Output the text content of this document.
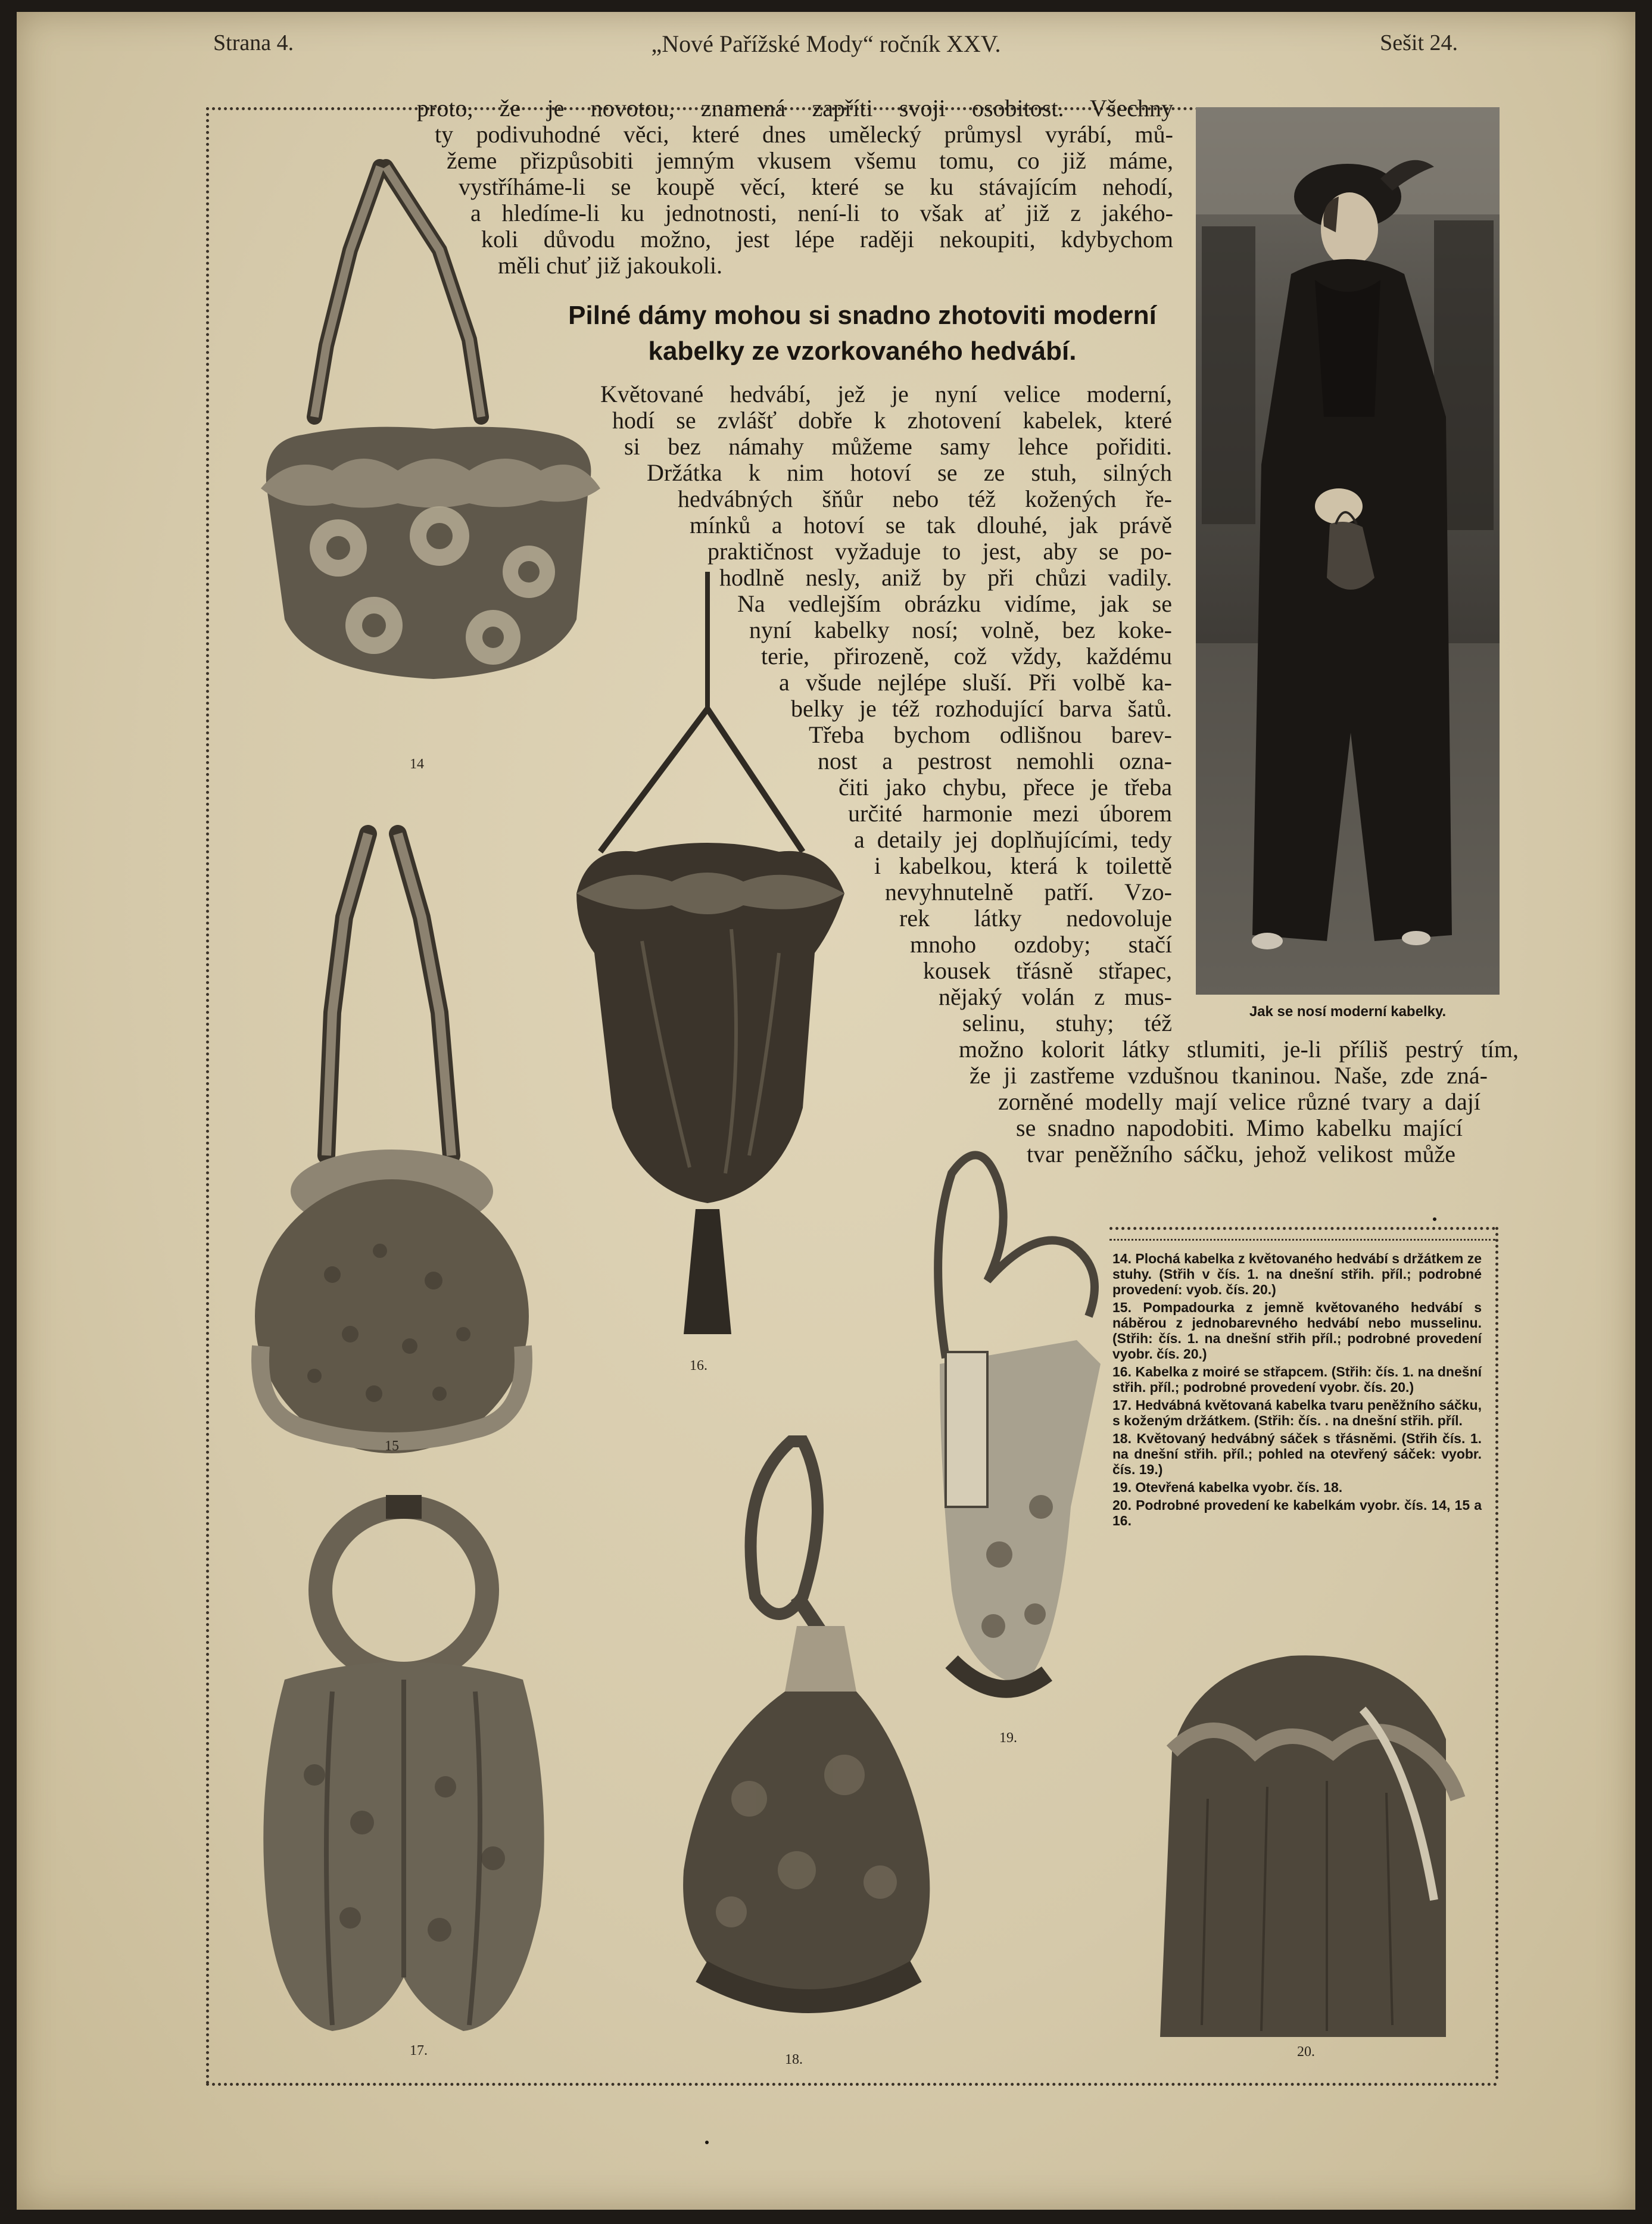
Strana 4.	„Nové Pařížské Mody“ ročník XXV.	Sešit 24.
proto, že je novotou, znamená zapříti svoji osobitost. Všechny
ty podivuhodné věci, které dnes umělecký průmysl vyrábí, mů-
žeme přizpůsobiti jemným vkusem všemu tomu, co již máme,
vystříháme-li se koupě věcí, které se ku stávajícím nehodí,
a hledíme-li ku jednotnosti, není-li to však ať již z jakého-
koli důvodu možno, jest lépe raději nekoupiti, kdybychom
měli chuť již jakoukoli.
Pilné dámy mohou si snadno zhotoviti moderní
kabelky ze vzorkovaného hedvábí.
Květované hedvábí, jež je nyní velice moderní,
hodí se zvlášť dobře k zhotovení kabelek, které
si bez námahy můžeme samy lehce pořiditi.
Držátka k nim hotoví se ze stuh, silných
hedvábných šňůr nebo též kožených ře-
mínků a hotoví se tak dlouhé, jak právě
praktičnost vyžaduje to jest, aby se po-
hodlně nesly, aniž by při chůzi vadily.
Na vedlejším obrázku vidíme, jak se
nyní kabelky nosí; volně, bez koke-
terie, přirozeně, což vždy, každému
a všude nejlépe sluší. Při volbě ka-
belky je též rozhodující barva šatů.
Třeba bychom odlišnou barev-
nost a pestrost nemohli ozna-
čiti jako chybu, přece je třeba
určité harmonie mezi úborem
a detaily jej doplňujícími, tedy
i kabelkou, která k toilettě
nevyhnutelně patří. Vzo-
rek látky nedovoluje
mnoho ozdoby; stačí
kousek třásně střapec,
nějaký volán z mus-
selinu, stuhy; též
možno kolorit látky stlumiti, je-li příliš pestrý tím,
že ji zastřeme vzdušnou tkaninou. Naše, zde zná-
zorněné modelly mají velice různé tvary a dají
se snadno napodobiti. Mimo kabelku mající
tvar peněžního sáčku, jehož velikost může
Jak se nosí moderní kabelky.

14. Plochá kabelka z květovaného hedvábí s držátkem ze stuhy. (Střih v čís. 1. na dnešní střih. příl.; podrobné provedení: vyob. čís. 20.)

15. Pompadourka z jemně květovaného hedvábí s náběrou z jednobarevného hedvábí nebo musselinu. (Střih: čís. 1. na dnešní střih příl.; podrobné provedení vyobr. čís. 20.)

16. Kabelka z moiré se střapcem. (Střih: čís. 1. na dnešní střih. příl.; podrobné provedení vyobr. čís. 20.)

17. Hedvábná květovaná kabelka tvaru peněžního sáčku, s koženým držátkem. (Střih: čís. . na dnešní střih. příl.

18. Květovaný hedvábný sáček s třásněmi. (Střih čís. 1. na dnešní střih. příl.; pohled na otevřený sáček: vyobr. čís. 19.)

19. Otevřená kabelka vyobr. čís. 18.

20. Podrobné provedení ke kabelkám vyobr. čís. 14, 15 a 16.

14
15
16.
17.
18.
19.
20.
